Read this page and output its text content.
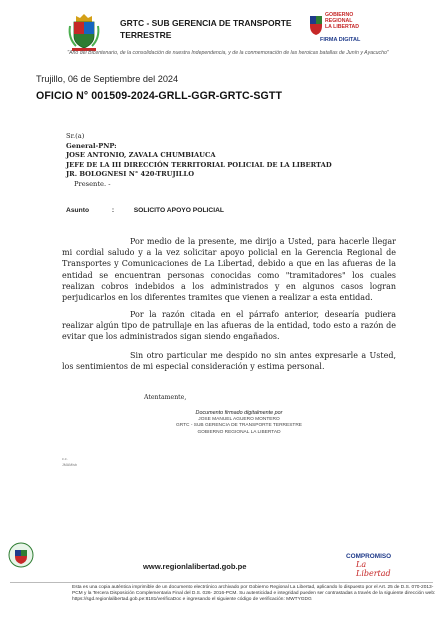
GRTC - SUB GERENCIA DE TRANSPORTE
TERRESTRE
GOBIERNO
REGIONAL
LA LIBERTAD
FIRMA DIGITAL
"Año del Bicentenario, de la consolidación de nuestra Independencia, y de la conmemoración de las heroicas batallas de Junín y Ayacucho"
Trujillo, 06 de Septiembre del 2024
OFICIO N° 001509-2024-GRLL-GGR-GRTC-SGTT
Sr.(a)
General-PNP:
JOSE ANTONIO, ZAVALA CHUMBIAUCA
JEFE DE LA III DIRECCIÓN TERRITORIAL POLICIAL DE LA LIBERTAD
JR. BOLOGNESI N° 420-TRUJILLO
Presente. -
Asunto	:	SOLICITO APOYO POLICIAL
Por medio de la presente, me dirijo a Usted, para hacerle llegar mi cordial saludo y a la vez solicitar apoyo policial en la Gerencia Regional de Transportes y Comunicaciones de La Libertad, debido a que en las afueras de la entidad se encuentran personas conocidas como "tramitadores" los cuales realizan cobros indebidos a los administrados y en algunos casos logran perjudicarlos en los diferentes tramites que vienen a realizar a esta entidad.
Por la razón citada en el párrafo anterior, desearía pudiera realizar algún tipo de patrullaje en las afueras de la entidad, todo esto a razón de evitar que los administrados sigan siendo engañados.
Sin otro particular me despido no sin antes expresarle a Usted, los sentimientos de mi especial consideración y estima personal.
Atentamente,
Documento firmado digitalmente por
JOSE MANUEL AGUERO MONTERO
GRTC - SUB GERENCIA DE TRANSPORTE TERRESTRE
GOBIERNO REGIONAL LA LIBERTAD
c.c.
JMAM/sb
www.regionlalibertad.gob.pe
COMPROMISO
La Libertad
Esta es una copia auténtica imprimible de un documento electrónico archivado por Gobierno Regional La Libertad, aplicando lo dispuesto por el Art. 25 de D.S. 070-2013-PCM y la Tercera Disposición Complementaria Final del D.S. 026- 2016-PCM. Su autenticidad e integridad pueden ser contrastadas a través de la siguiente dirección web: https://sgd.regionlalibertad.gob.pe:8181/verificaDoc e ingresando el siguiente código de verificación: MWTYGDG
